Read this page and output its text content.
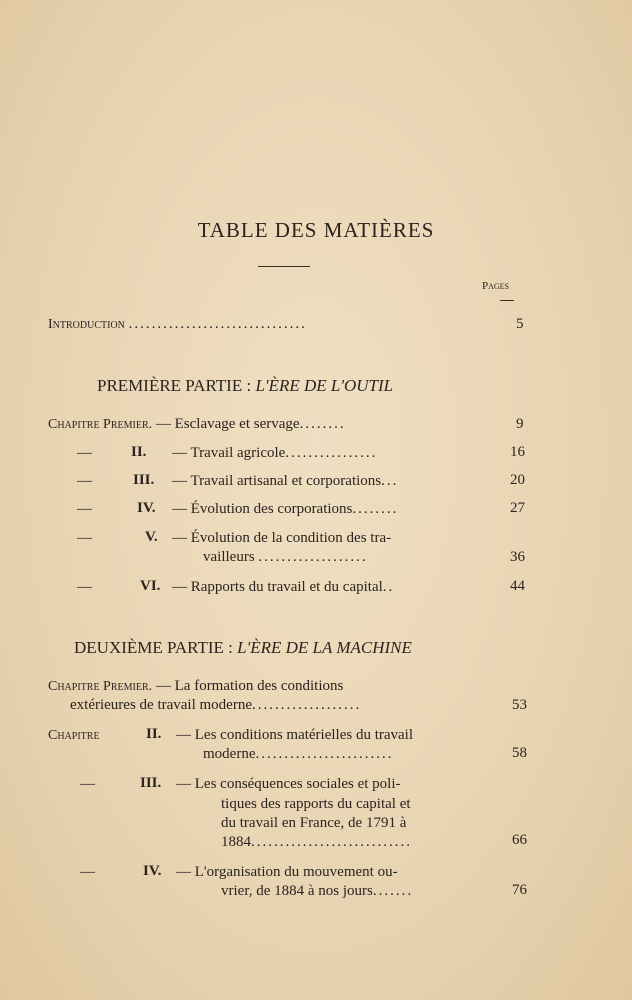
TABLE DES MATIÈRES
Pages
Introduction ...............................	5
PREMIÈRE PARTIE : L'ÈRE DE L'OUTIL
Chapitre Premier. — Esclavage et servage........	9
—	II. — Travail agricole................	16
—	III. — Travail artisanal et corporations...	20
—	IV. — Évolution des corporations........	27
—	V. — Évolution de la condition des tra-
vailleurs ...................	36
—	VI. — Rapports du travail et du capital..	44
DEUXIÈME PARTIE : L'ÈRE DE LA MACHINE
Chapitre Premier. — La formation des conditions
extérieures de travail moderne...................	53
Chapitre	II. — Les conditions matérielles du travail
moderne........................	58
—	III. — Les conséquences sociales et poli-
tiques des rapports du capital et
du travail en France, de 1791 à
1884............................	66
—	IV. — L'organisation du mouvement ou-
vrier, de 1884 à nos jours.......	76
